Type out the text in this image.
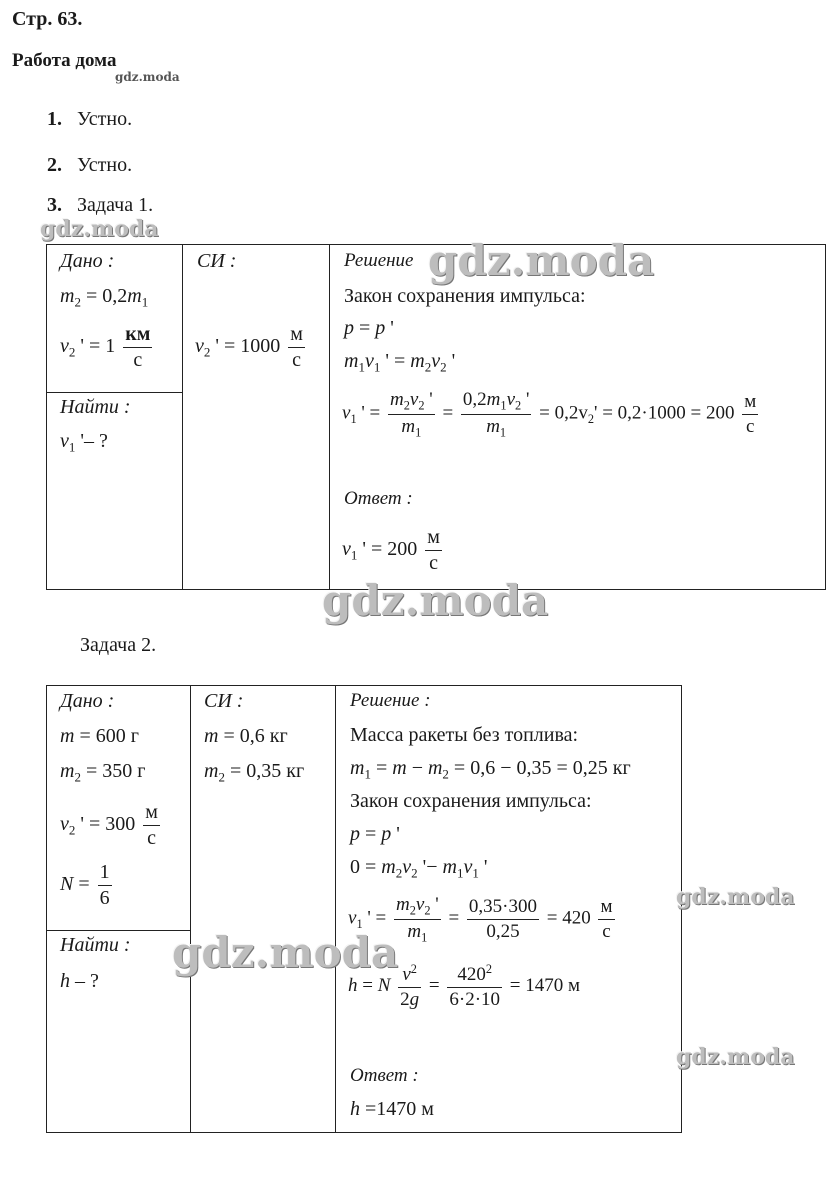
Стр. 63.
Работа дома
gdz.moda
1. Устно.
2. Устно.
3. Задача 1.
gdz.moda
Дано :
$m_2 = 0,2m_1$
$v_2$ ' = $1 \frac{км}{с}$
Найти :
$v_1$ '– ?
СИ :
$v_2$ ' = $1000 \frac{м}{с}$
Решение gdz.moda
Закон сохранения импульса:
p = p '
$m_1v_1$ ' = $m_2v_2$ '
$v_1$ ' = $\frac{m_2v_2 '}{m_1} = \frac{0,2m_1v_2 '}{m_1} = 0,2v_2' = 0,2\cdot 1000 = 200 \frac{м}{с}$
Ответ :
$v_1$ ' = $200 \frac{м}{с}$
gdz.moda
Задача 2.
Дано :
m = 600 г
$m_2 = 350$ г
$v_2$ ' = $300 \frac{м}{с}$
$N = \frac{1}{6}$
Найти :
h – ?
СИ :
m = 0,6 кг
$m_2 = 0,35$ кг
Решение :
Масса ракеты без топлива:
$m_1 = m - m_2 = 0,6 - 0,35 = 0,25$ кг
Закон сохранения импульса:
p = p '
$0 = m_2v_2$ '− $m_1v_1$ '
$v_1$ ' = $\frac{m_2v_2 '}{m_1} = \frac{0,35\cdot 300}{0,25} = 420 \frac{м}{с}$
h = N $\frac{v^2}{2g} = \frac{420^2}{6\cdot 2\cdot 10} = 1470$ м
Ответ :
h =1470 м
gdz.moda
gdz.moda
gdz.moda
